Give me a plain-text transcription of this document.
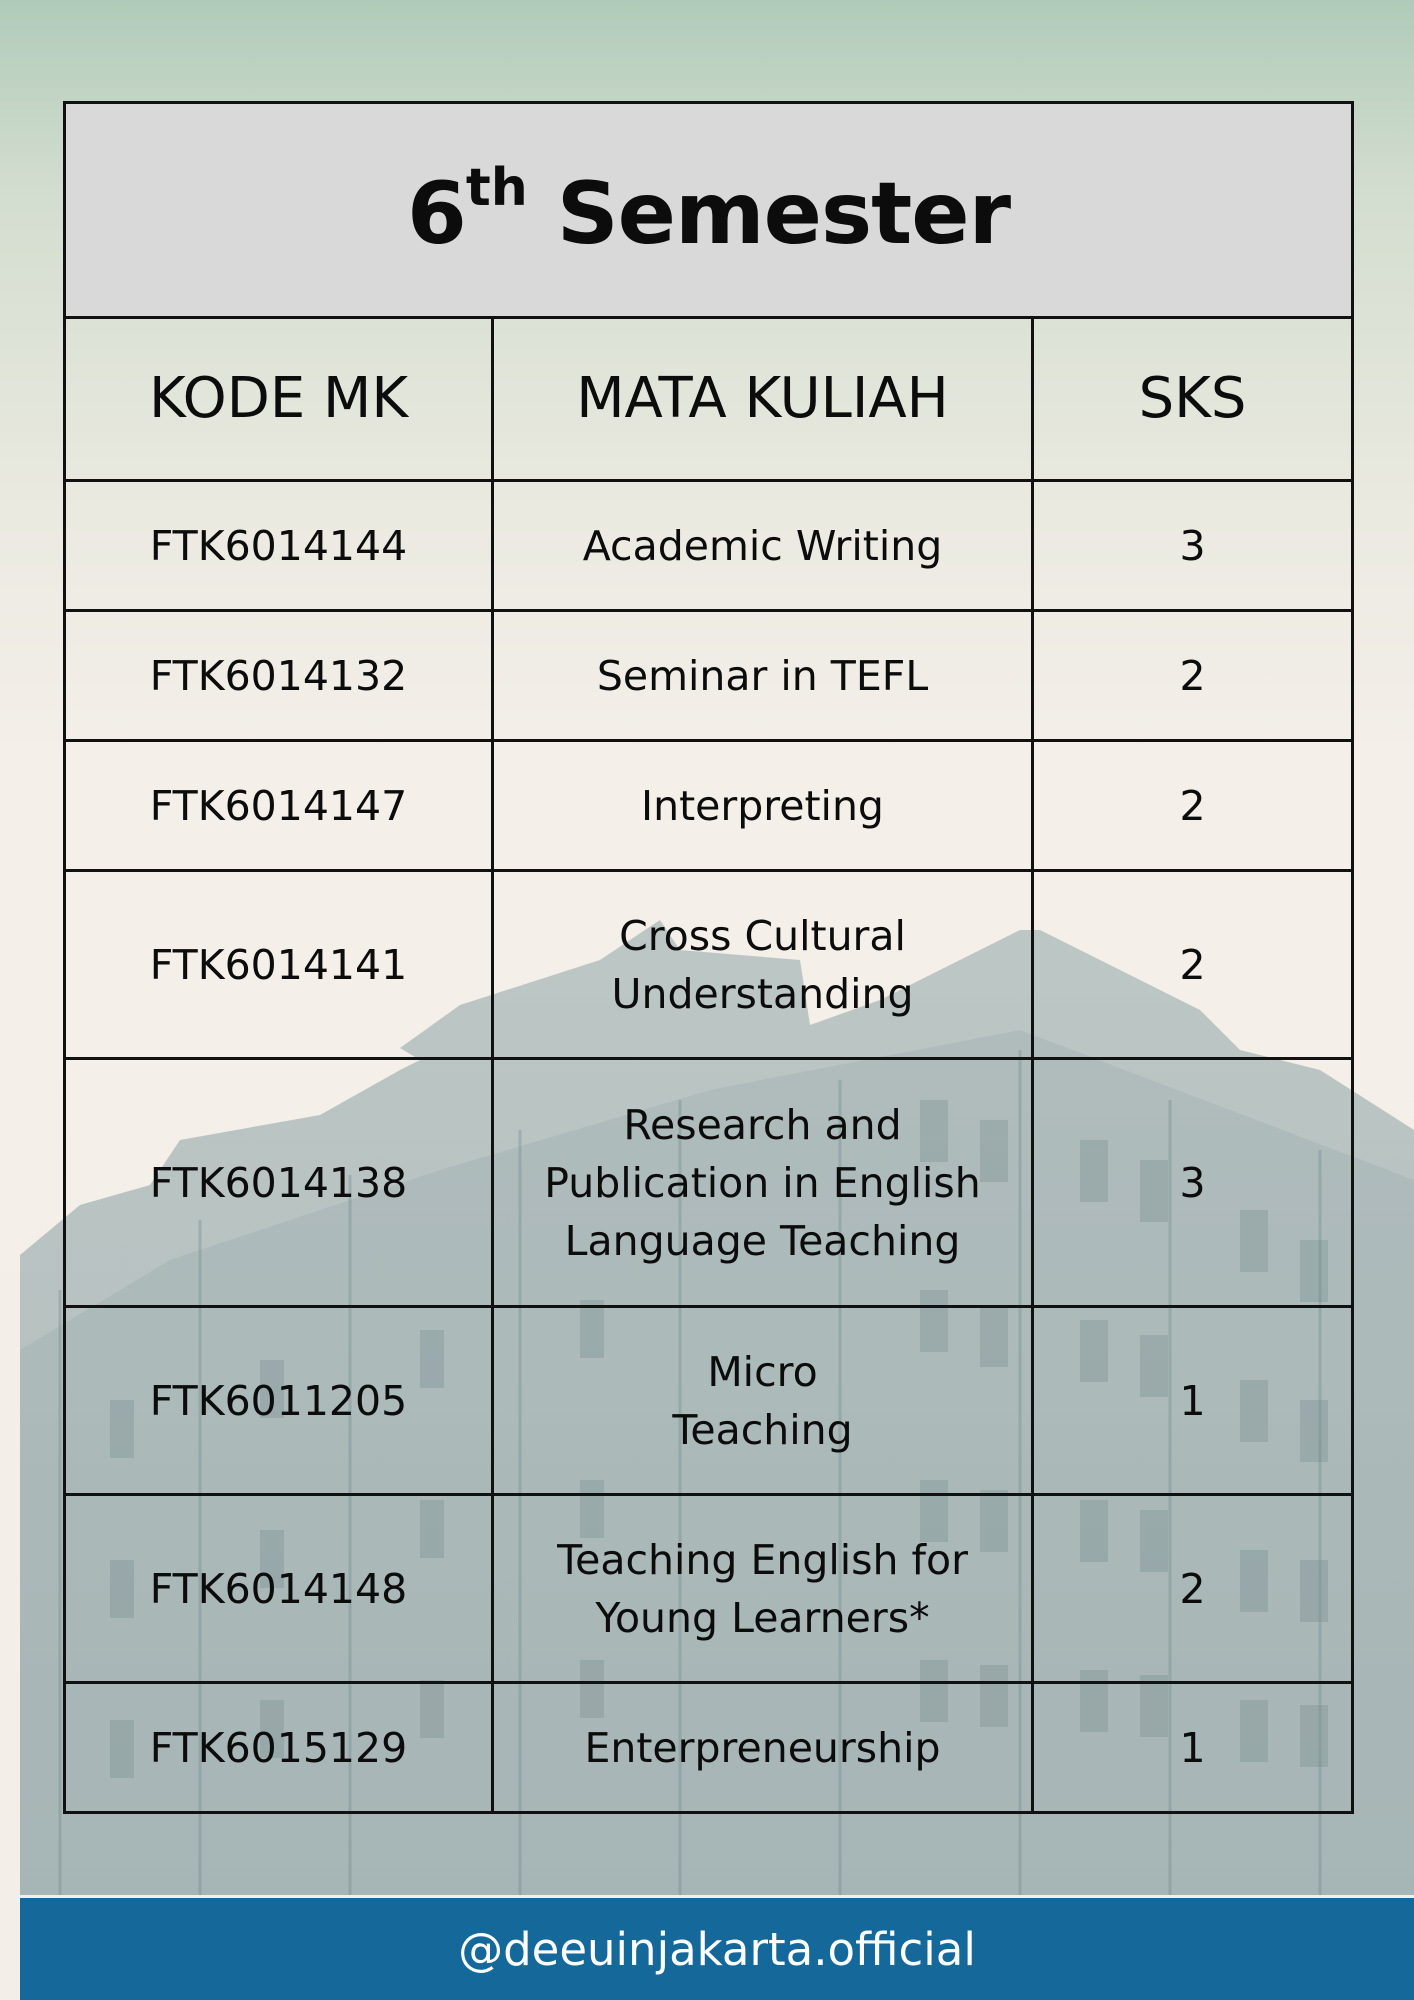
6th Semester		
KODE MK	MATA KULIAH	SKS
FTK6014144	Academic Writing	3
FTK6014132	Seminar in TEFL	2
FTK6014147	Interpreting	2
FTK6014141	Cross Cultural
Understanding	2
FTK6014138	Research and
Publication in English
Language Teaching	3
FTK6011205	Micro
Teaching	1
FTK6014148	Teaching English for
Young Learners*	2
FTK6015129	Enterpreneurship	1
@deeuinjakarta.official
